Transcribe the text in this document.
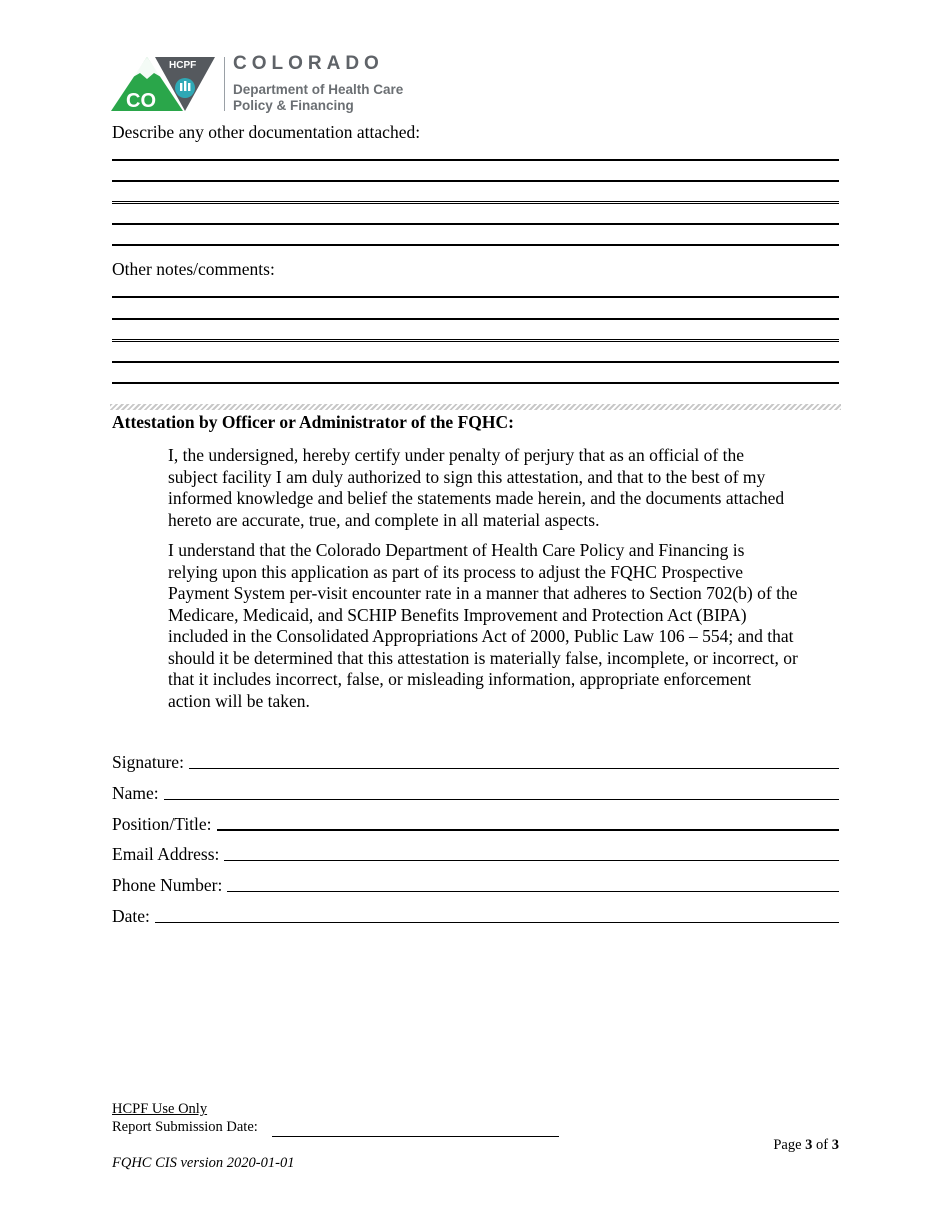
CO
HCPF COLORADO
Department of Health Care
Policy & Financing
Describe any other documentation attached:
Other notes/comments:
Attestation by Officer or Administrator of the FQHC:
I, the undersigned, hereby certify under penalty of perjury that as an official of the
subject facility I am duly authorized to sign this attestation, and that to the best of my
informed knowledge and belief the statements made herein, and the documents attached
hereto are accurate, true, and complete in all material aspects.
I understand that the Colorado Department of Health Care Policy and Financing is
relying upon this application as part of its process to adjust the FQHC Prospective
Payment System per-visit encounter rate in a manner that adheres to Section 702(b) of the
Medicare, Medicaid, and SCHIP Benefits Improvement and Protection Act (BIPA)
included in the Consolidated Appropriations Act of 2000, Public Law 106 – 554; and that
should it be determined that this attestation is materially false, incomplete, or incorrect, or
that it includes incorrect, false, or misleading information, appropriate enforcement
action will be taken.
Signature:
Name:
Position/Title:
Email Address:
Phone Number:
Date:
HCPF Use Only
Report Submission Date:
FQHC CIS version 2020-01-01
Page 3 of 3
